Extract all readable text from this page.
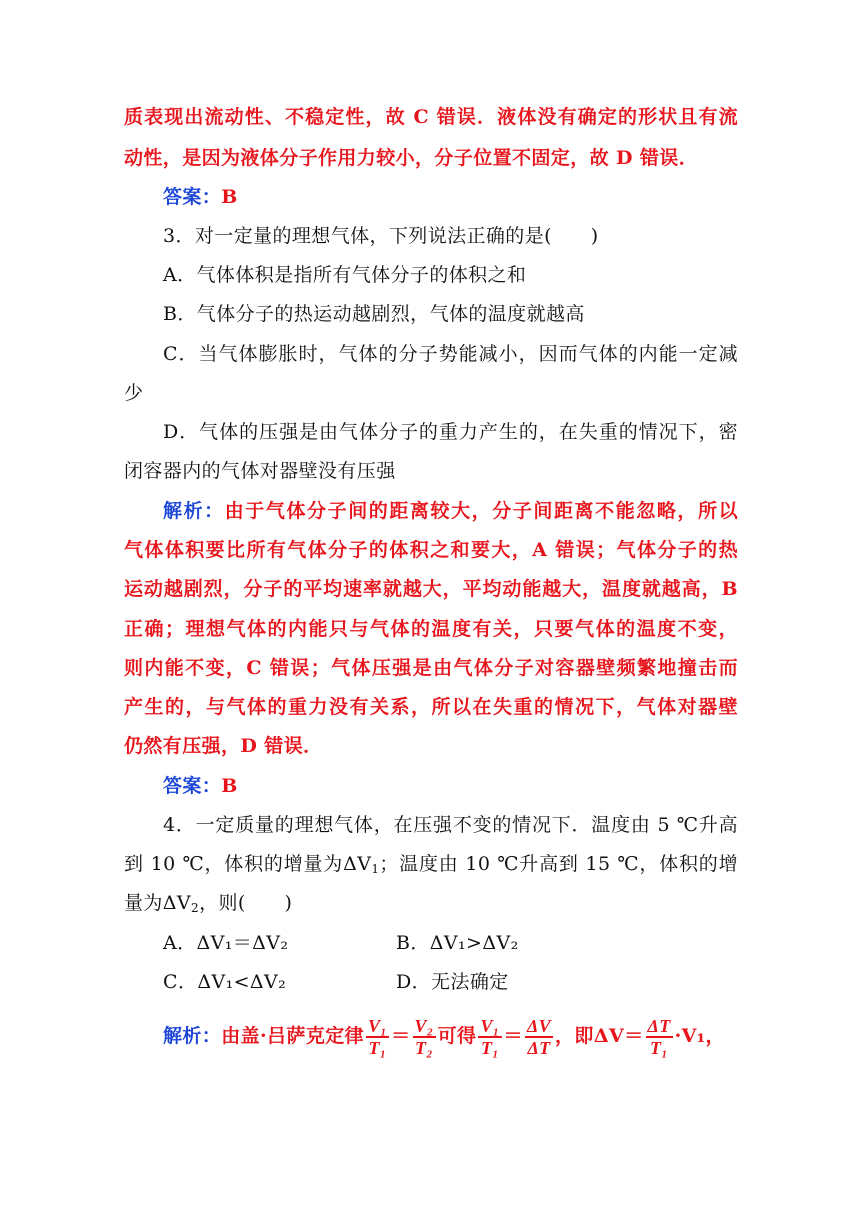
质表现出流动性、不稳定性，故 C 错误．液体没有确定的形状且有流
动性，是因为液体分子作用力较小，分子位置不固定，故 D 错误．
答案：B
3．对一定量的理想气体，下列说法正确的是(　　)
A．气体体积是指所有气体分子的体积之和
B．气体分子的热运动越剧烈，气体的温度就越高
C．当气体膨胀时，气体的分子势能减小，因而气体的内能一定减
少
D．气体的压强是由气体分子的重力产生的，在失重的情况下，密
闭容器内的气体对器壁没有压强
解析：由于气体分子间的距离较大，分子间距离不能忽略，所以
气体体积要比所有气体分子的体积之和要大，A 错误；气体分子的热
运动越剧烈，分子的平均速率就越大，平均动能越大，温度就越高，B
正确；理想气体的内能只与气体的温度有关，只要气体的温度不变，
则内能不变，C 错误；气体压强是由气体分子对容器壁频繁地撞击而
产生的，与气体的重力没有关系，所以在失重的情况下，气体对器壁
仍然有压强，D 错误．
答案：B
4．一定质量的理想气体，在压强不变的情况下．温度由 5 ℃升高
到 10 ℃，体积的增量为$\Delta V_1$；温度由 10 ℃升高到 15 ℃，体积的增
量为$\Delta V_2$，则(　　)
A．ΔV₁＝ΔV₂	B．ΔV₁>ΔV₂
C．ΔV₁<ΔV₂	D．无法确定
解析：由盖·吕萨克定律 $\frac{\text{V₁}}{\text{T₁}} = \frac{\text{V₂}}{\text{T₂}}$ 可得 $\frac{\text{V₁}}{\text{T₁}} = \frac{\Delta V}{\Delta T}$ ，即$\Delta V= \frac{\Delta T}{\text{T₁}} \cdot V_1$，
